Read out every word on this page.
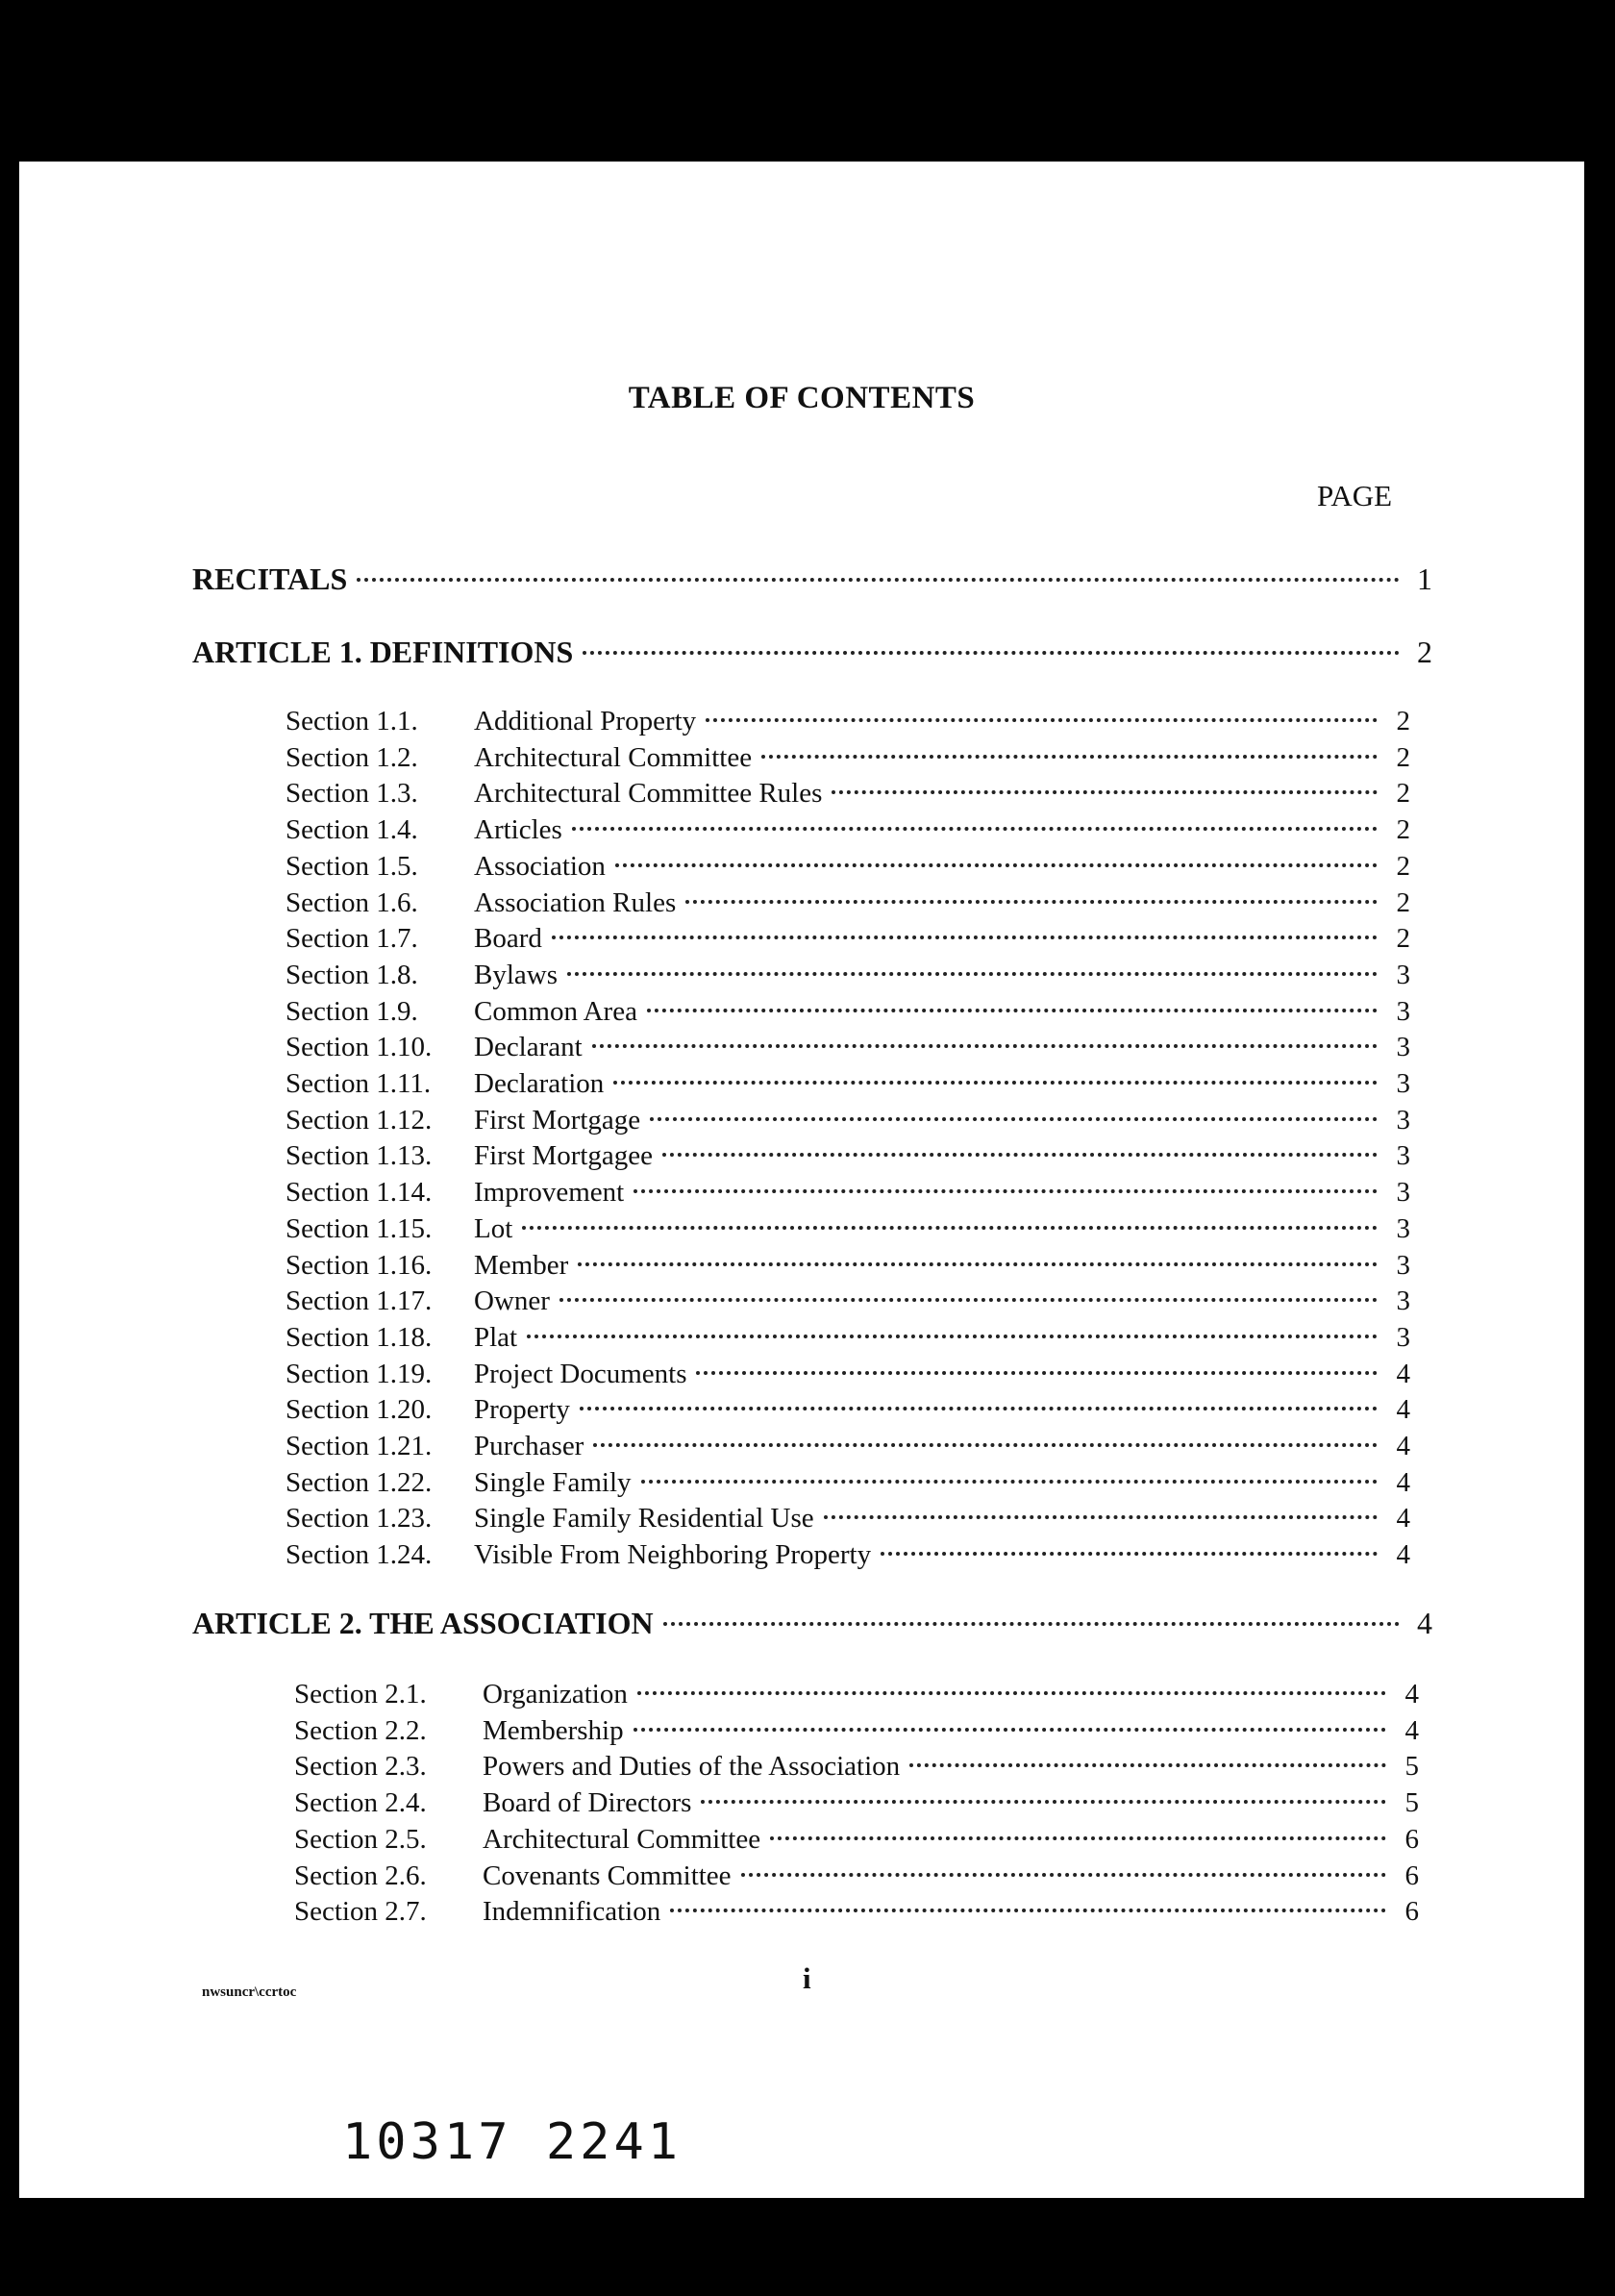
TABLE OF CONTENTS
PAGE
RECITALS	1
ARTICLE 1. DEFINITIONS	2
Section 1.1.	Additional Property	2
Section 1.2.	Architectural Committee	2
Section 1.3.	Architectural Committee Rules	2
Section 1.4.	Articles	2
Section 1.5.	Association	2
Section 1.6.	Association Rules	2
Section 1.7.	Board	2
Section 1.8.	Bylaws	3
Section 1.9.	Common Area	3
Section 1.10.	Declarant	3
Section 1.11.	Declaration	3
Section 1.12.	First Mortgage	3
Section 1.13.	First Mortgagee	3
Section 1.14.	Improvement	3
Section 1.15.	Lot	3
Section 1.16.	Member	3
Section 1.17.	Owner	3
Section 1.18.	Plat	3
Section 1.19.	Project Documents	4
Section 1.20.	Property	4
Section 1.21.	Purchaser	4
Section 1.22.	Single Family	4
Section 1.23.	Single Family Residential Use	4
Section 1.24.	Visible From Neighboring Property	4
ARTICLE 2. THE ASSOCIATION	4
Section 2.1.	Organization	4
Section 2.2.	Membership	4
Section 2.3.	Powers and Duties of the Association	5
Section 2.4.	Board of Directors	5
Section 2.5.	Architectural Committee	6
Section 2.6.	Covenants Committee	6
Section 2.7.	Indemnification	6
nwsuncr\ccrtoc	i
10317 2241
